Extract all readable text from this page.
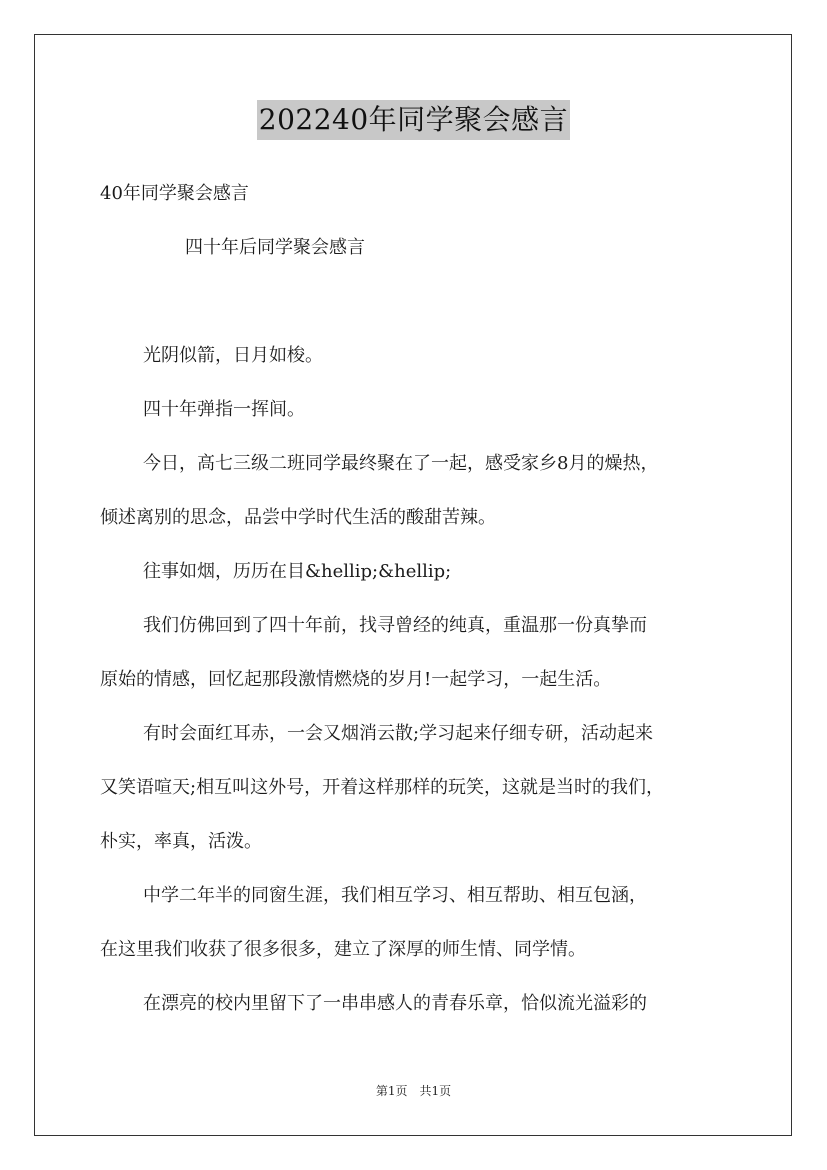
202240年同学聚会感言
40年同学聚会感言
四十年后同学聚会感言
光阴似箭，日月如梭。
四十年弹指一挥间。
今日，高七三级二班同学最终聚在了一起，感受家乡8月的燥热，
倾述离别的思念，品尝中学时代生活的酸甜苦辣。
往事如烟，历历在目&hellip;&hellip;
我们仿佛回到了四十年前，找寻曾经的纯真，重温那一份真挚而
原始的情感，回忆起那段激情燃烧的岁月!一起学习，一起生活。
有时会面红耳赤，一会又烟消云散;学习起来仔细专研，活动起来
又笑语喧天;相互叫这外号，开着这样那样的玩笑，这就是当时的我们，
朴实，率真，活泼。
中学二年半的同窗生涯，我们相互学习、相互帮助、相互包涵，
在这里我们收获了很多很多，建立了深厚的师生情、同学情。
在漂亮的校内里留下了一串串感人的青春乐章，恰似流光溢彩的
第1页　共1页
